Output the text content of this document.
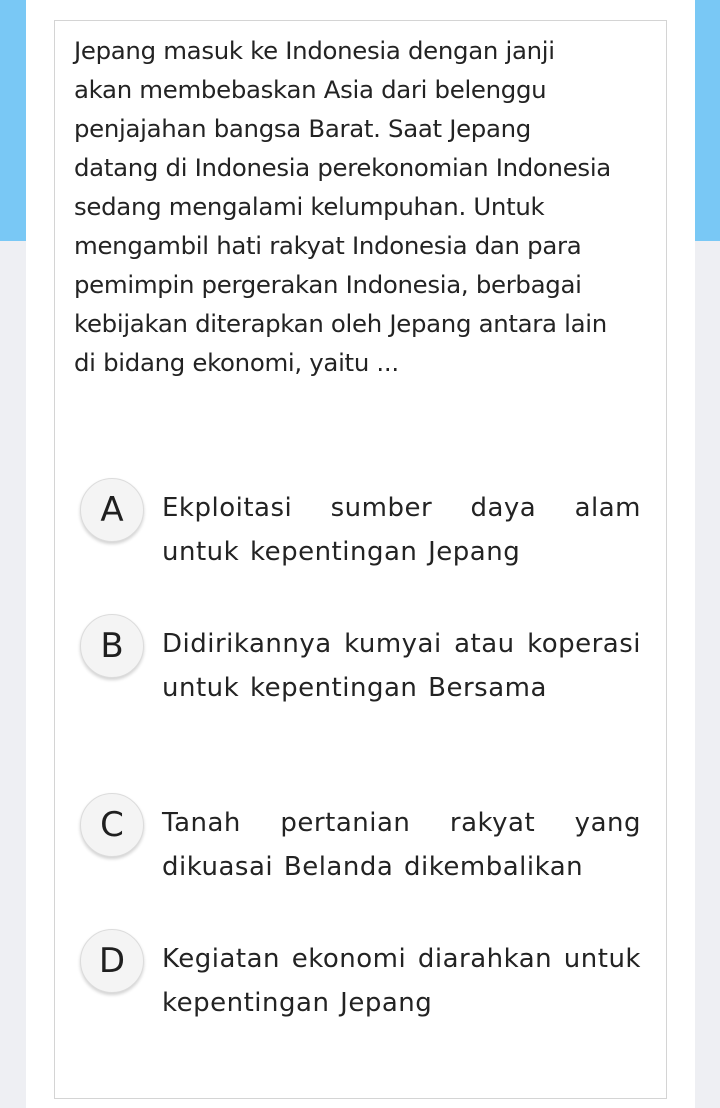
Jepang masuk ke Indonesia dengan janji
akan membebaskan Asia dari belenggu
penjajahan bangsa Barat. Saat Jepang
datang di Indonesia perekonomian Indonesia
sedang mengalami kelumpuhan. Untuk
mengambil hati rakyat Indonesia dan para
pemimpin pergerakan Indonesia, berbagai
kebijakan diterapkan oleh Jepang antara lain
di bidang ekonomi, yaitu ...
A	Ekploitasi sumber daya alam untuk kepentingan Jepang
B	Didirikannya kumyai atau koperasi untuk kepentingan Bersama
C	Tanah pertanian rakyat yang dikuasai Belanda dikembalikan
D	Kegiatan ekonomi diarahkan untuk kepentingan Jepang
